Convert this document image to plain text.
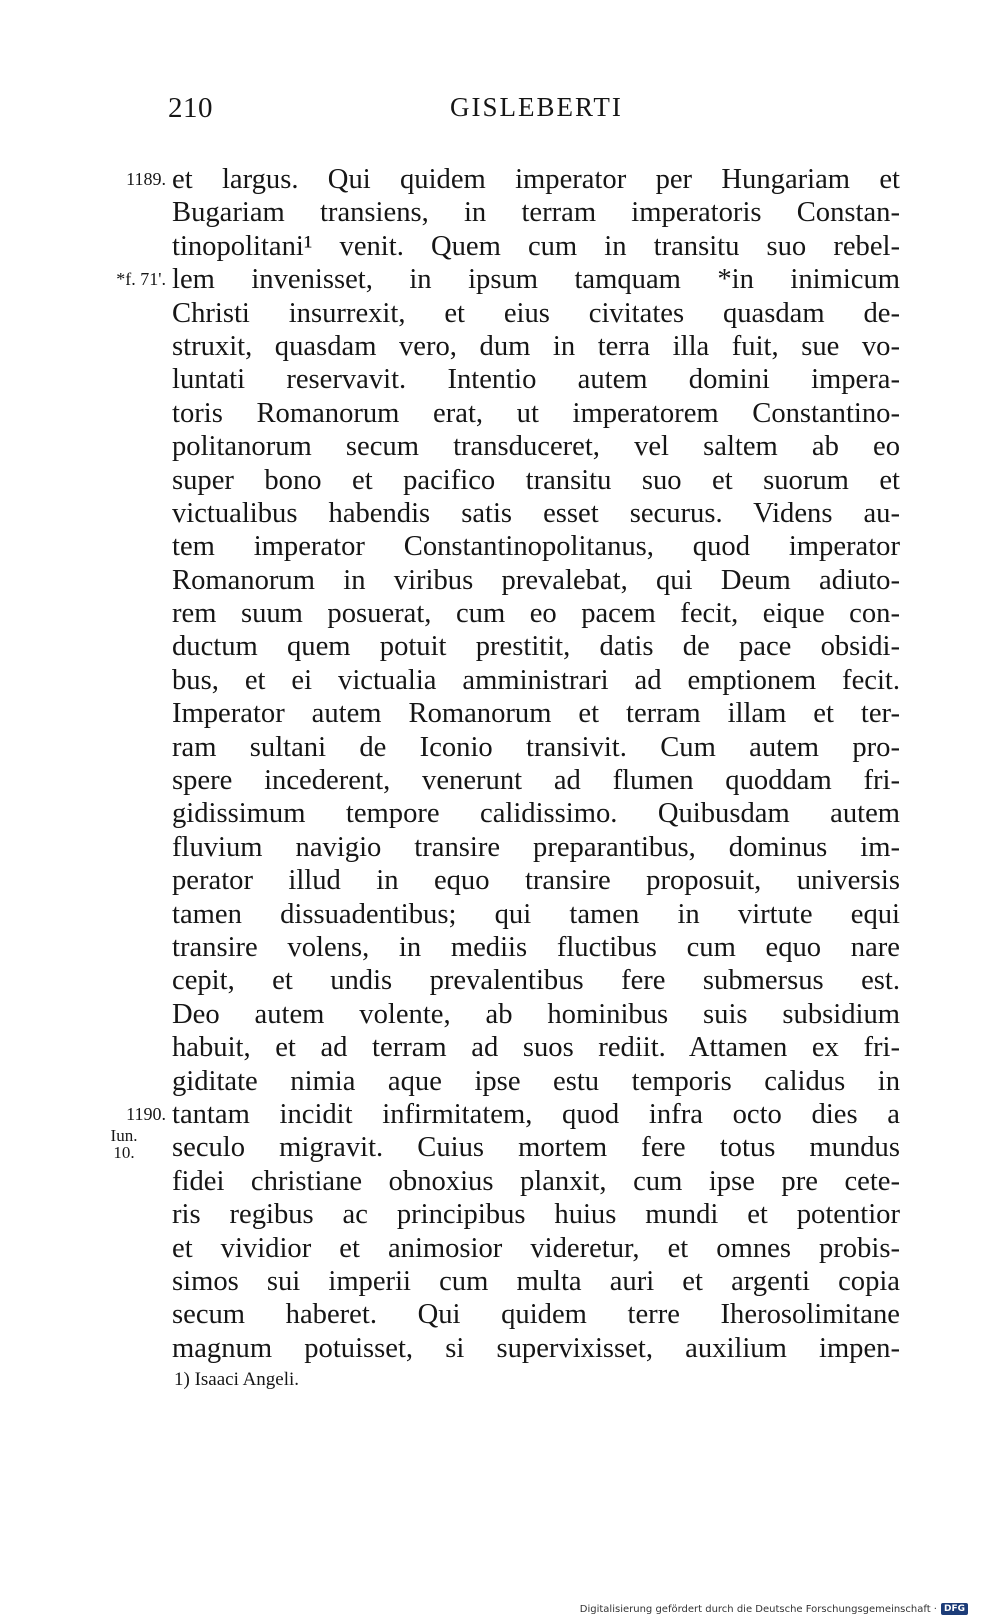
210	GISLEBERTI
1189.
*f. 71'.
1190.
Iun.
10.
et largus. Qui quidem imperator per Hungariam et
Bugariam transiens, in terram imperatoris Constan-
tinopolitani¹ venit. Quem cum in transitu suo rebel-
lem invenisset, in ipsum tamquam *in inimicum
Christi insurrexit, et eius civitates quasdam de-
struxit, quasdam vero, dum in terra illa fuit, sue vo-
luntati reservavit. Intentio autem domini impera-
toris Romanorum erat, ut imperatorem Constantino-
politanorum secum transduceret, vel saltem ab eo
super bono et pacifico transitu suo et suorum et
victualibus habendis satis esset securus. Videns au-
tem imperator Constantinopolitanus, quod imperator
Romanorum in viribus prevalebat, qui Deum adiuto-
rem suum posuerat, cum eo pacem fecit, eique con-
ductum quem potuit prestitit, datis de pace obsidi-
bus, et ei victualia amministrari ad emptionem fecit.
Imperator autem Romanorum et terram illam et ter-
ram sultani de Iconio transivit. Cum autem pro-
spere incederent, venerunt ad flumen quoddam fri-
gidissimum tempore calidissimo. Quibusdam autem
fluvium navigio transire preparantibus, dominus im-
perator illud in equo transire proposuit, universis
tamen dissuadentibus; qui tamen in virtute equi
transire volens, in mediis fluctibus cum equo nare
cepit, et undis prevalentibus fere submersus est.
Deo autem volente, ab hominibus suis subsidium
habuit, et ad terram ad suos rediit. Attamen ex fri-
giditate nimia aque ipse estu temporis calidus in
tantam incidit infirmitatem, quod infra octo dies a
seculo migravit. Cuius mortem fere totus mundus
fidei christiane obnoxius planxit, cum ipse pre cete-
ris regibus ac principibus huius mundi et potentior
et vividior et animosior videretur, et omnes probis-
simos sui imperii cum multa auri et argenti copia
secum haberet. Qui quidem terre Iherosolimitane
magnum potuisset, si supervixisset, auxilium impen-
1) Isaaci Angeli.
Digitalisierung gefördert durch die Deutsche Forschungsgemeinschaft · DFG
